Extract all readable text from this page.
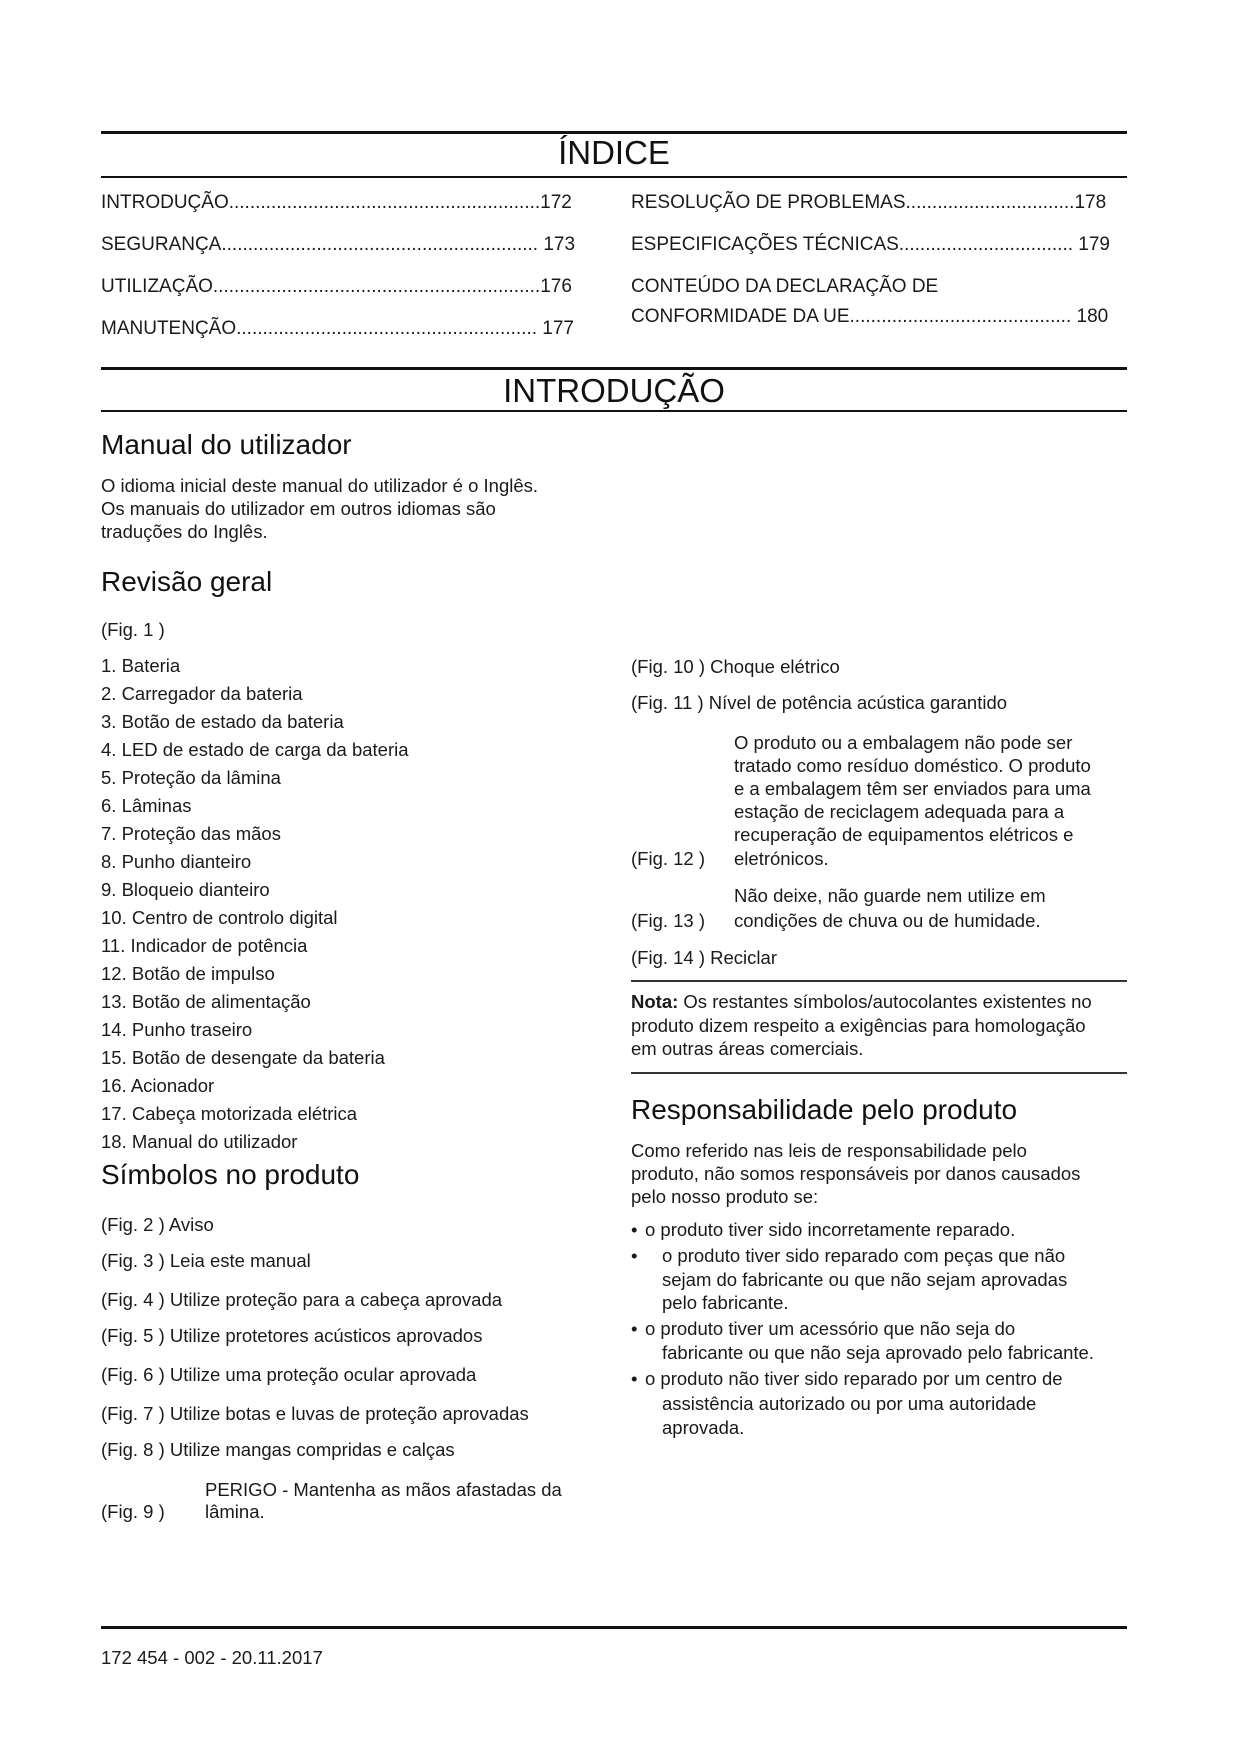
ÍNDICE
INTRODUÇÃO...........................................................172
SEGURANÇA............................................................ 173
UTILIZAÇÃO..............................................................176
MANUTENÇÃO......................................................... 177
RESOLUÇÃO DE PROBLEMAS................................178
ESPECIFICAÇÕES TÉCNICAS................................. 179
CONTEÚDO DA DECLARAÇÃO DE
CONFORMIDADE DA UE.......................................... 180
INTRODUÇÃO
Manual do utilizador
O idioma inicial deste manual do utilizador é o Inglês.
Os manuais do utilizador em outros idiomas são
traduções do Inglês.
Revisão geral
(Fig. 1 )
1. Bateria
2. Carregador da bateria
3. Botão de estado da bateria
4. LED de estado de carga da bateria
5. Proteção da lâmina
6. Lâminas
7. Proteção das mãos
8. Punho dianteiro
9. Bloqueio dianteiro
10. Centro de controlo digital
11. Indicador de potência
12. Botão de impulso
13. Botão de alimentação
14. Punho traseiro
15. Botão de desengate da bateria
16. Acionador
17. Cabeça motorizada elétrica
18. Manual do utilizador
Símbolos no produto
(Fig. 2 ) Aviso
(Fig. 3 ) Leia este manual
(Fig. 4 ) Utilize proteção para a cabeça aprovada
(Fig. 5 ) Utilize protetores acústicos aprovados
(Fig. 6 ) Utilize uma proteção ocular aprovada
(Fig. 7 ) Utilize botas e luvas de proteção aprovadas
(Fig. 8 ) Utilize mangas compridas e calças
(Fig. 9 )
PERIGO - Mantenha as mãos afastadas da
lâmina.
(Fig. 10 ) Choque elétrico
(Fig. 11 ) Nível de potência acústica garantido
O produto ou a embalagem não pode ser
tratado como resíduo doméstico. O produto
e a embalagem têm ser enviados para uma
estação de reciclagem adequada para a
recuperação de equipamentos elétricos e
eletrónicos.
(Fig. 12 )
Não deixe, não guarde nem utilize em
condições de chuva ou de humidade.
(Fig. 13 )
(Fig. 14 ) Reciclar
Nota: Os restantes símbolos/autocolantes existentes no
produto dizem respeito a exigências para homologação
em outras áreas comerciais.
Responsabilidade pelo produto
Como referido nas leis de responsabilidade pelo
produto, não somos responsáveis por danos causados
pelo nosso produto se:
• o produto tiver sido incorretamente reparado.
• o produto tiver sido reparado com peças que não
sejam do fabricante ou que não sejam aprovadas
pelo fabricante.
• o produto tiver um acessório que não seja do
fabricante ou que não seja aprovado pelo fabricante.
• o produto não tiver sido reparado por um centro de
assistência autorizado ou por uma autoridade
aprovada.
172 454 - 002 - 20.11.2017
